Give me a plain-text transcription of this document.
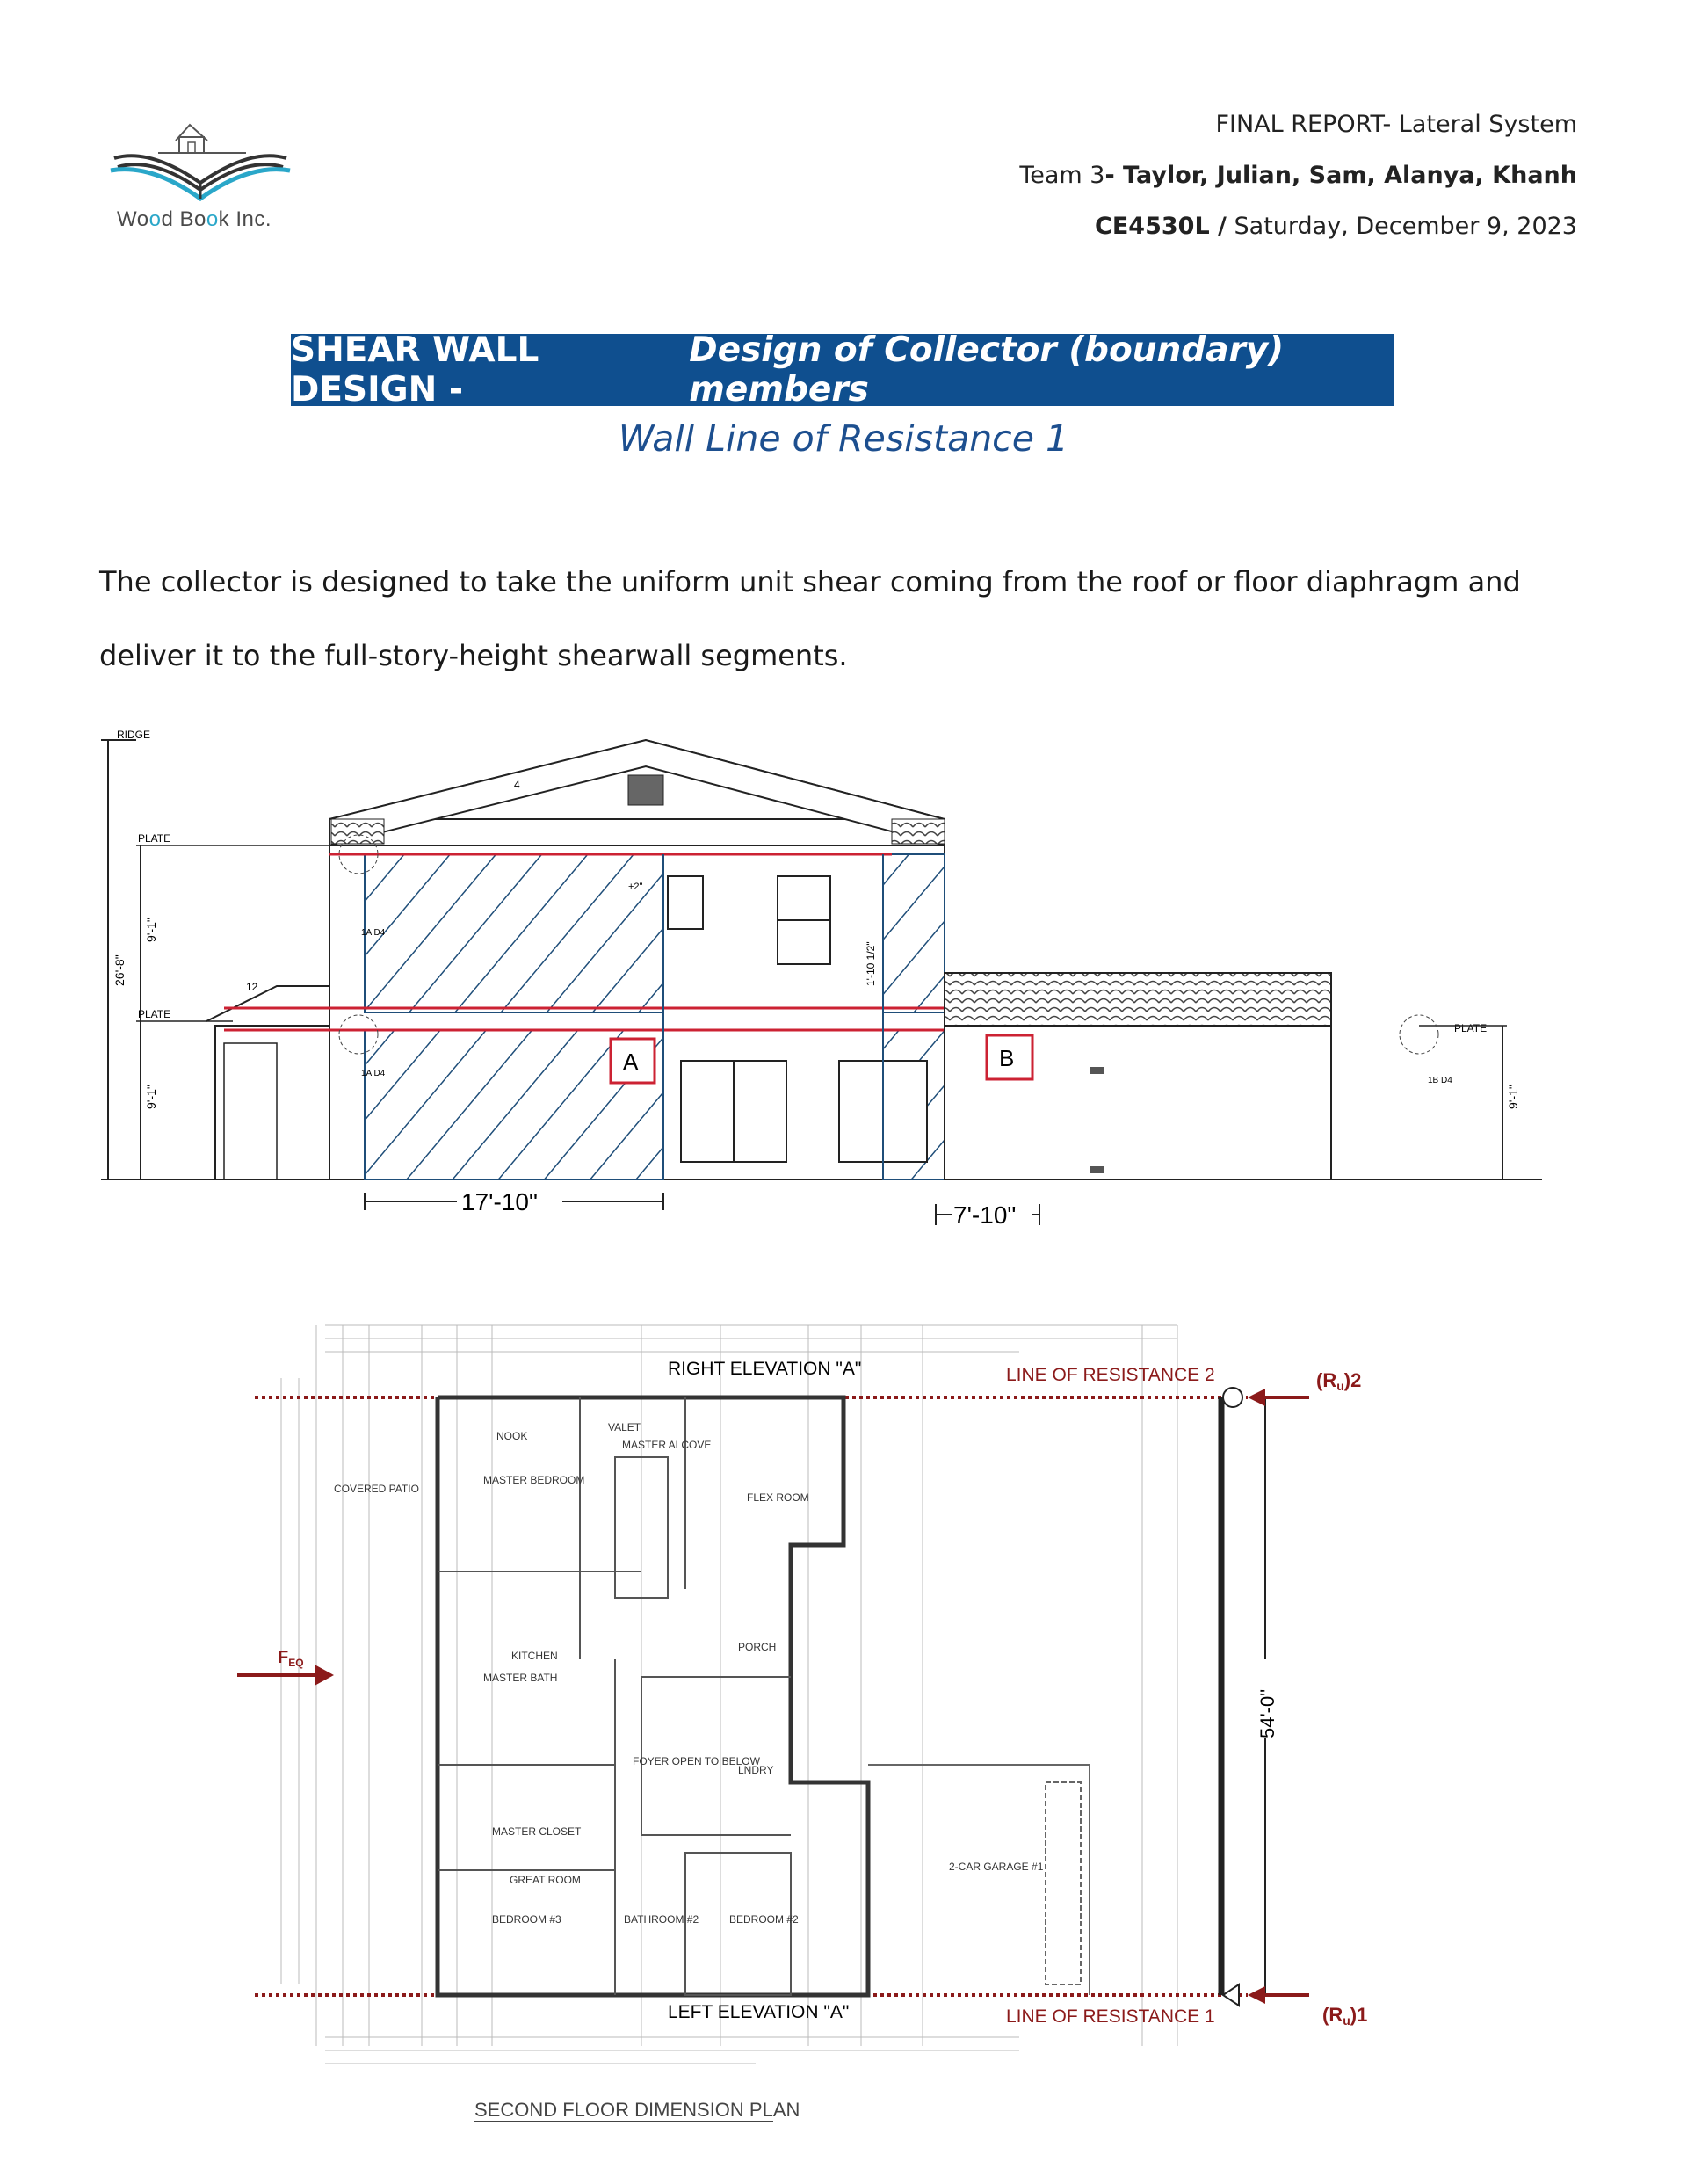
Wood Book Inc.
FINAL REPORT- Lateral System
Team 3- Taylor, Julian, Sam, Alanya, Khanh
CE4530L / Saturday, December 9, 2023
SHEAR WALL DESIGN -
Design of Collector (boundary) members
Wall Line of Resistance 1
The collector is designed to take the uniform unit shear coming from the roof or floor diaphragm and deliver it to the full-story-height shearwall segments.
RIDGE
PLATE
PLATE
26'-8"
9'-1"
9'-1"
12
4
+2"
1'-10 1/2"
A	B
PLATE
9'-1"
1A D4
1A D4
1B D4
17'-10"	7'-10"
54'-0"
(Ru)2
(Ru)1
LINE OF RESISTANCE 2
LINE OF RESISTANCE 1
RIGHT ELEVATION "A"
LEFT ELEVATION "A"
$F_{EQ}$
NOOK
MASTER BEDROOM
VALET
MASTER ALCOVE
FLEX ROOM
COVERED PATIO
KITCHEN
MASTER BATH
PORCH
FOYER OPEN TO BELOW
LNDRY
2-CAR GARAGE #1
MASTER CLOSET
GREAT ROOM
BEDROOM #3	BATHROOM #2	BEDROOM #2
SECOND FLOOR DIMENSION PLAN
